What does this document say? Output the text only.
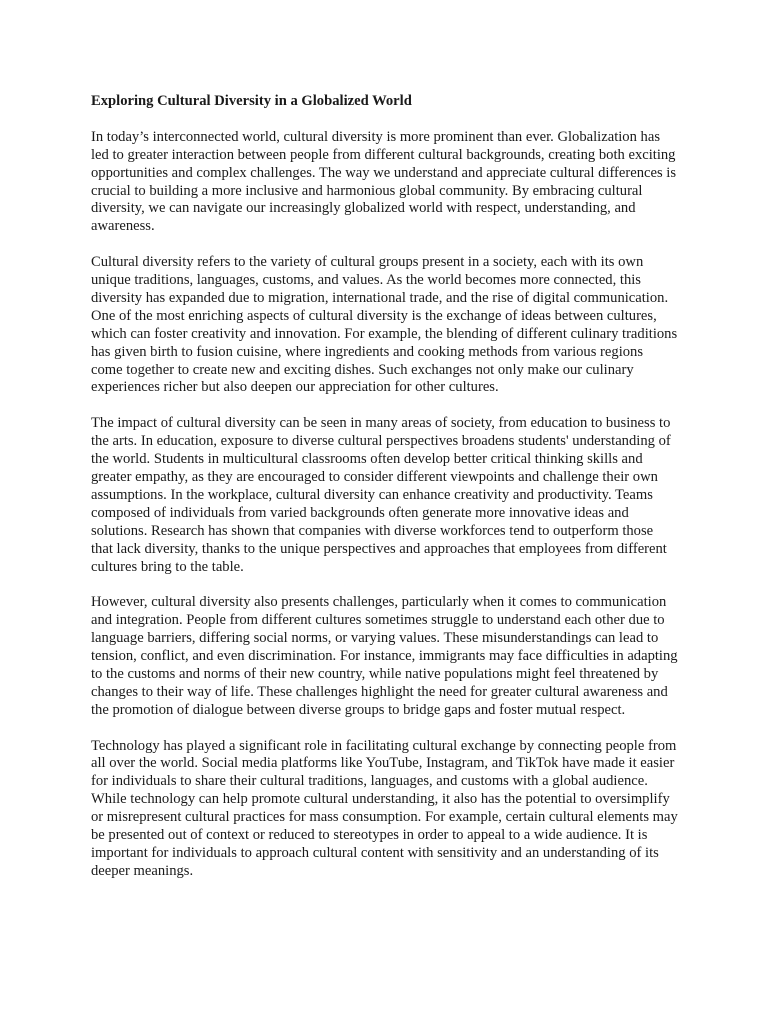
Exploring Cultural Diversity in a Globalized World

In today’s interconnected world, cultural diversity is more prominent than ever. Globalization has led to greater interaction between people from different cultural backgrounds, creating both exciting opportunities and complex challenges. The way we understand and appreciate cultural differences is crucial to building a more inclusive and harmonious global community. By embracing cultural diversity, we can navigate our increasingly globalized world with respect, understanding, and awareness.

Cultural diversity refers to the variety of cultural groups present in a society, each with its own unique traditions, languages, customs, and values. As the world becomes more connected, this diversity has expanded due to migration, international trade, and the rise of digital communication. One of the most enriching aspects of cultural diversity is the exchange of ideas between cultures, which can foster creativity and innovation. For example, the blending of different culinary traditions has given birth to fusion cuisine, where ingredients and cooking methods from various regions come together to create new and exciting dishes. Such exchanges not only make our culinary experiences richer but also deepen our appreciation for other cultures.

The impact of cultural diversity can be seen in many areas of society, from education to business to the arts. In education, exposure to diverse cultural perspectives broadens students' understanding of the world. Students in multicultural classrooms often develop better critical thinking skills and greater empathy, as they are encouraged to consider different viewpoints and challenge their own assumptions. In the workplace, cultural diversity can enhance creativity and productivity. Teams composed of individuals from varied backgrounds often generate more innovative ideas and solutions. Research has shown that companies with diverse workforces tend to outperform those that lack diversity, thanks to the unique perspectives and approaches that employees from different cultures bring to the table.

However, cultural diversity also presents challenges, particularly when it comes to communication and integration. People from different cultures sometimes struggle to understand each other due to language barriers, differing social norms, or varying values. These misunderstandings can lead to tension, conflict, and even discrimination. For instance, immigrants may face difficulties in adapting to the customs and norms of their new country, while native populations might feel threatened by changes to their way of life. These challenges highlight the need for greater cultural awareness and the promotion of dialogue between diverse groups to bridge gaps and foster mutual respect.

Technology has played a significant role in facilitating cultural exchange by connecting people from all over the world. Social media platforms like YouTube, Instagram, and TikTok have made it easier for individuals to share their cultural traditions, languages, and customs with a global audience. While technology can help promote cultural understanding, it also has the potential to oversimplify or misrepresent cultural practices for mass consumption. For example, certain cultural elements may be presented out of context or reduced to stereotypes in order to appeal to a wide audience. It is important for individuals to approach cultural content with sensitivity and an understanding of its deeper meanings.
